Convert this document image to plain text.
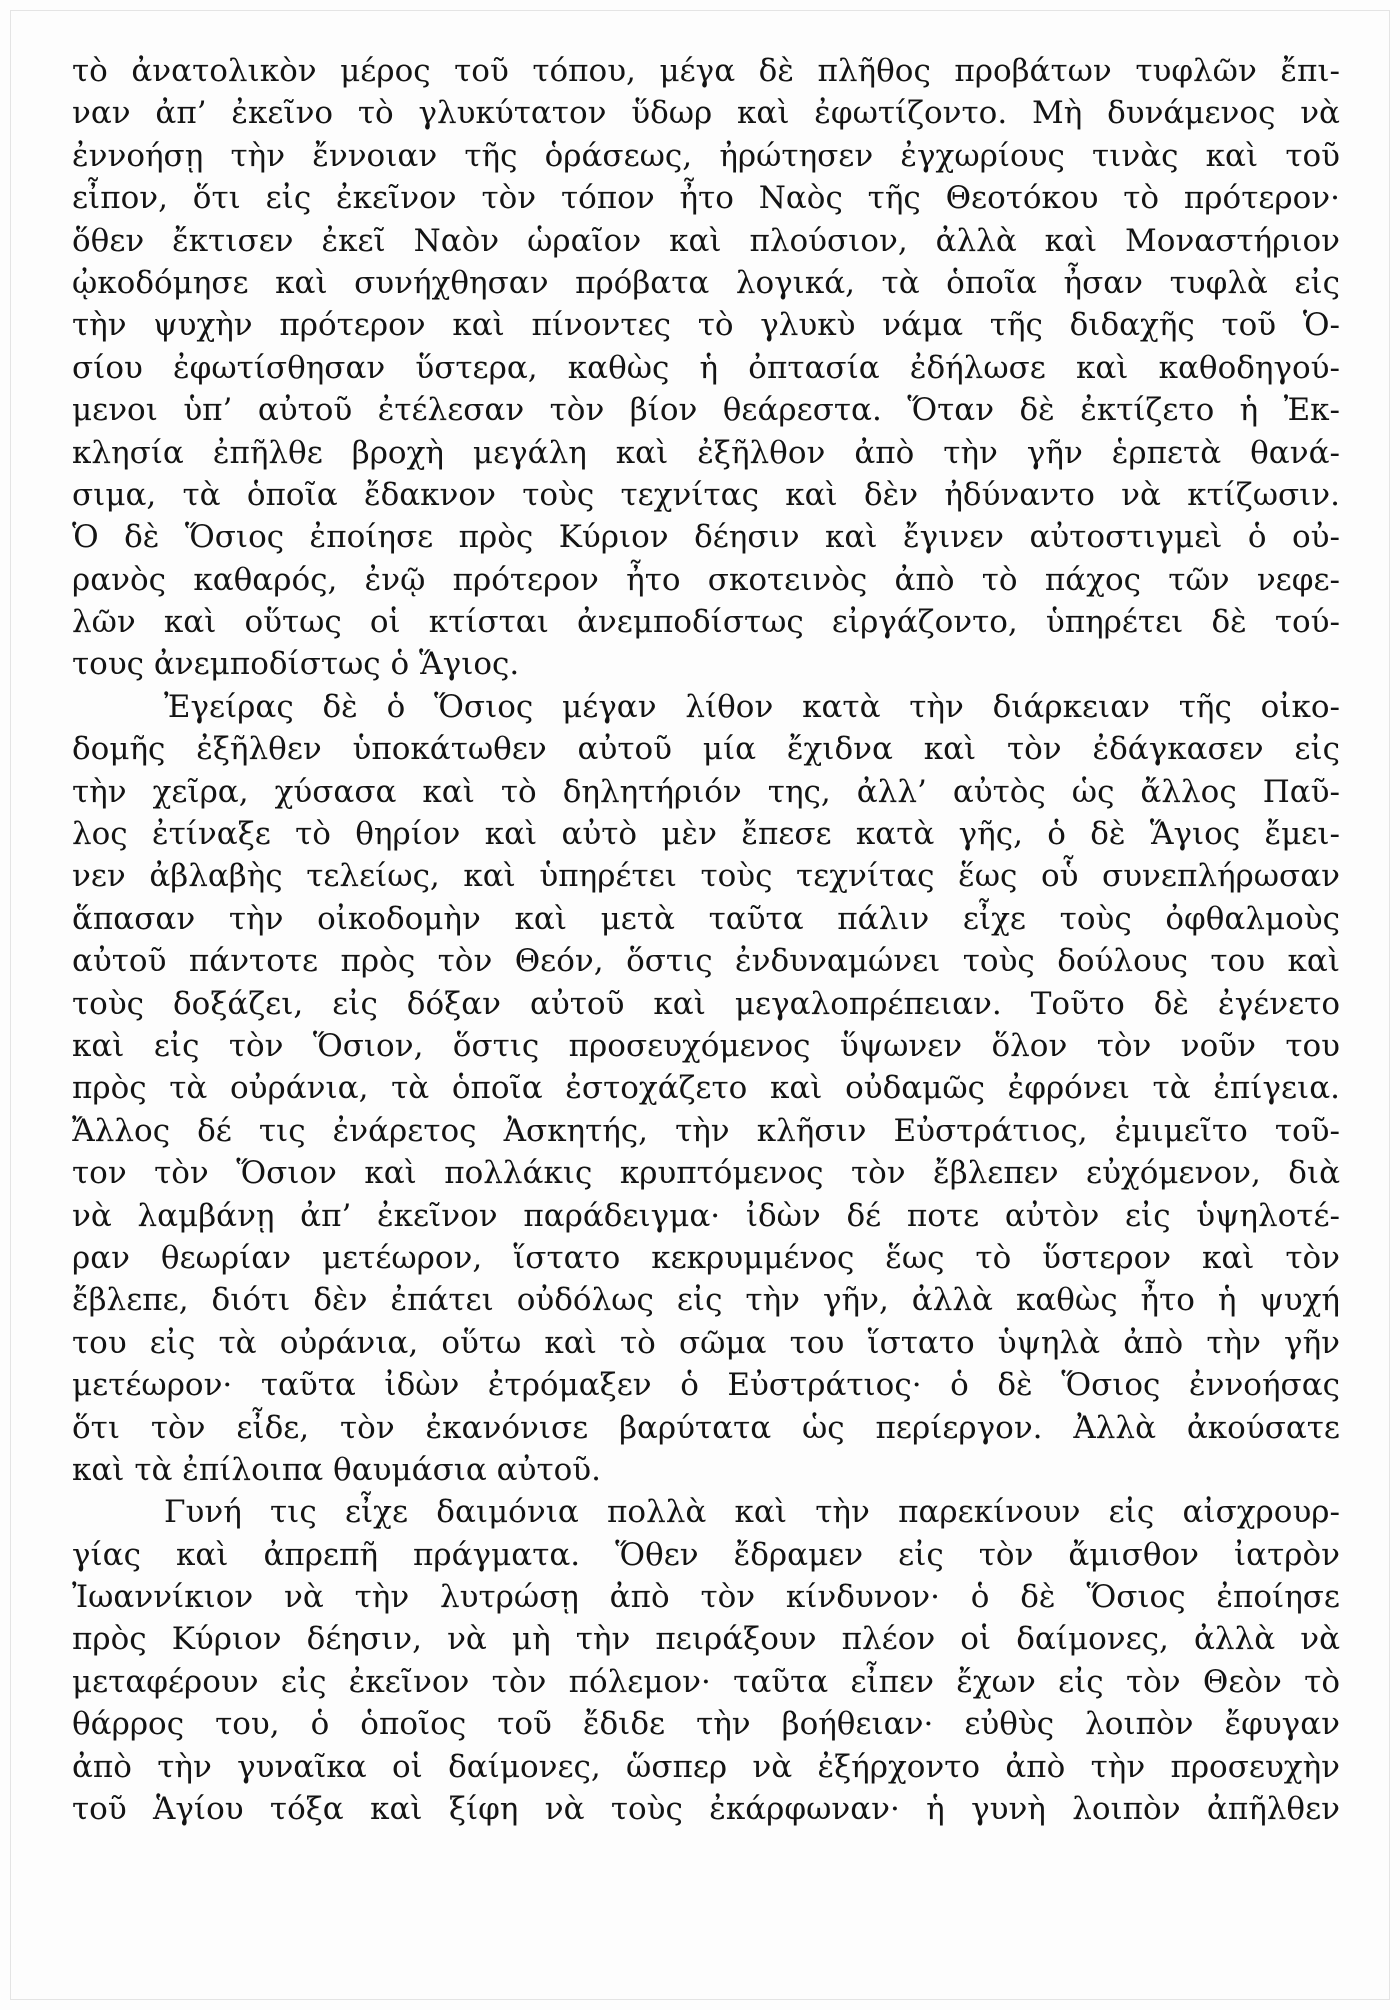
τὸ ἀνατολικὸν μέρος τοῦ τόπου, μέγα δὲ πλῆθος προβάτων τυφλῶν ἔπι-
ναν ἀπ’ ἐκεῖνο τὸ γλυκύτατον ὕδωρ καὶ ἐφωτίζοντο. Μὴ δυνάμενος νὰ
ἐννοήσῃ τὴν ἔννοιαν τῆς ὁράσεως, ἠρώτησεν ἐγχωρίους τινὰς καὶ τοῦ
εἶπον, ὅτι εἰς ἐκεῖνον τὸν τόπον ἦτο Ναὸς τῆς Θεοτόκου τὸ πρότερον·
ὅθεν ἔκτισεν ἐκεῖ Ναὸν ὡραῖον καὶ πλούσιον, ἀλλὰ καὶ Μοναστήριον
ᾠκοδόμησε καὶ συνήχθησαν πρόβατα λογικά, τὰ ὁποῖα ἦσαν τυφλὰ εἰς
τὴν ψυχὴν πρότερον καὶ πίνοντες τὸ γλυκὺ νάμα τῆς διδαχῆς τοῦ Ὁ-
σίου ἐφωτίσθησαν ὕστερα, καθὼς ἡ ὀπτασία ἐδήλωσε καὶ καθοδηγού-
μενοι ὑπ’ αὐτοῦ ἐτέλεσαν τὸν βίον θεάρεστα. Ὅταν δὲ ἐκτίζετο ἡ Ἐκ-
κλησία ἐπῆλθε βροχὴ μεγάλη καὶ ἐξῆλθον ἀπὸ τὴν γῆν ἑρπετὰ θανά-
σιμα, τὰ ὁποῖα ἔδακνον τοὺς τεχνίτας καὶ δὲν ἠδύναντο νὰ κτίζωσιν.
Ὁ δὲ Ὅσιος ἐποίησε πρὸς Κύριον δέησιν καὶ ἔγινεν αὐτοστιγμεὶ ὁ οὐ-
ρανὸς καθαρός, ἐνῷ πρότερον ἦτο σκοτεινὸς ἀπὸ τὸ πάχος τῶν νεφε-
λῶν καὶ οὕτως οἱ κτίσται ἀνεμποδίστως εἰργάζοντο, ὑπηρέτει δὲ τού-
τους ἀνεμποδίστως ὁ Ἅγιος.
Ἐγείρας δὲ ὁ Ὅσιος μέγαν λίθον κατὰ τὴν διάρκειαν τῆς οἰκο-
δομῆς ἐξῆλθεν ὑποκάτωθεν αὐτοῦ μία ἔχιδνα καὶ τὸν ἐδάγκασεν εἰς
τὴν χεῖρα, χύσασα καὶ τὸ δηλητήριόν της, ἀλλ’ αὐτὸς ὡς ἄλλος Παῦ-
λος ἐτίναξε τὸ θηρίον καὶ αὐτὸ μὲν ἔπεσε κατὰ γῆς, ὁ δὲ Ἅγιος ἔμει-
νεν ἀβλαβὴς τελείως, καὶ ὑπηρέτει τοὺς τεχνίτας ἕως οὗ συνεπλήρωσαν
ἅπασαν τὴν οἰκοδομὴν καὶ μετὰ ταῦτα πάλιν εἶχε τοὺς ὀφθαλμοὺς
αὐτοῦ πάντοτε πρὸς τὸν Θεόν, ὅστις ἐνδυναμώνει τοὺς δούλους του καὶ
τοὺς δοξάζει, εἰς δόξαν αὐτοῦ καὶ μεγαλοπρέπειαν. Τοῦτο δὲ ἐγένετο
καὶ εἰς τὸν Ὅσιον, ὅστις προσευχόμενος ὕψωνεν ὅλον τὸν νοῦν του
πρὸς τὰ οὐράνια, τὰ ὁποῖα ἐστοχάζετο καὶ οὐδαμῶς ἐφρόνει τὰ ἐπίγεια.
Ἄλλος δέ τις ἐνάρετος Ἀσκητής, τὴν κλῆσιν Εὐστράτιος, ἐμιμεῖτο τοῦ-
τον τὸν Ὅσιον καὶ πολλάκις κρυπτόμενος τὸν ἔβλεπεν εὐχόμενον, διὰ
νὰ λαμβάνῃ ἀπ’ ἐκεῖνον παράδειγμα· ἰδὼν δέ ποτε αὐτὸν εἰς ὑψηλοτέ-
ραν θεωρίαν μετέωρον, ἵστατο κεκρυμμένος ἕως τὸ ὕστερον καὶ τὸν
ἔβλεπε, διότι δὲν ἐπάτει οὐδόλως εἰς τὴν γῆν, ἀλλὰ καθὼς ἦτο ἡ ψυχή
του εἰς τὰ οὐράνια, οὕτω καὶ τὸ σῶμα του ἵστατο ὑψηλὰ ἀπὸ τὴν γῆν
μετέωρον· ταῦτα ἰδὼν ἐτρόμαξεν ὁ Εὐστράτιος· ὁ δὲ Ὅσιος ἐννοήσας
ὅτι τὸν εἶδε, τὸν ἐκανόνισε βαρύτατα ὡς περίεργον. Ἀλλὰ ἀκούσατε
καὶ τὰ ἐπίλοιπα θαυμάσια αὐτοῦ.
Γυνή τις εἶχε δαιμόνια πολλὰ καὶ τὴν παρεκίνουν εἰς αἰσχρουρ-
γίας καὶ ἀπρεπῆ πράγματα. Ὅθεν ἔδραμεν εἰς τὸν ἄμισθον ἰατρὸν
Ἰωαννίκιον νὰ τὴν λυτρώσῃ ἀπὸ τὸν κίνδυνον· ὁ δὲ Ὅσιος ἐποίησε
πρὸς Κύριον δέησιν, νὰ μὴ τὴν πειράξουν πλέον οἱ δαίμονες, ἀλλὰ νὰ
μεταφέρουν εἰς ἐκεῖνον τὸν πόλεμον· ταῦτα εἶπεν ἔχων εἰς τὸν Θεὸν τὸ
θάρρος του, ὁ ὁποῖος τοῦ ἔδιδε τὴν βοήθειαν· εὐθὺς λοιπὸν ἔφυγαν
ἀπὸ τὴν γυναῖκα οἱ δαίμονες, ὥσπερ νὰ ἐξήρχοντο ἀπὸ τὴν προσευχὴν
τοῦ Ἁγίου τόξα καὶ ξίφη νὰ τοὺς ἐκάρφωναν· ἡ γυνὴ λοιπὸν ἀπῆλθεν
